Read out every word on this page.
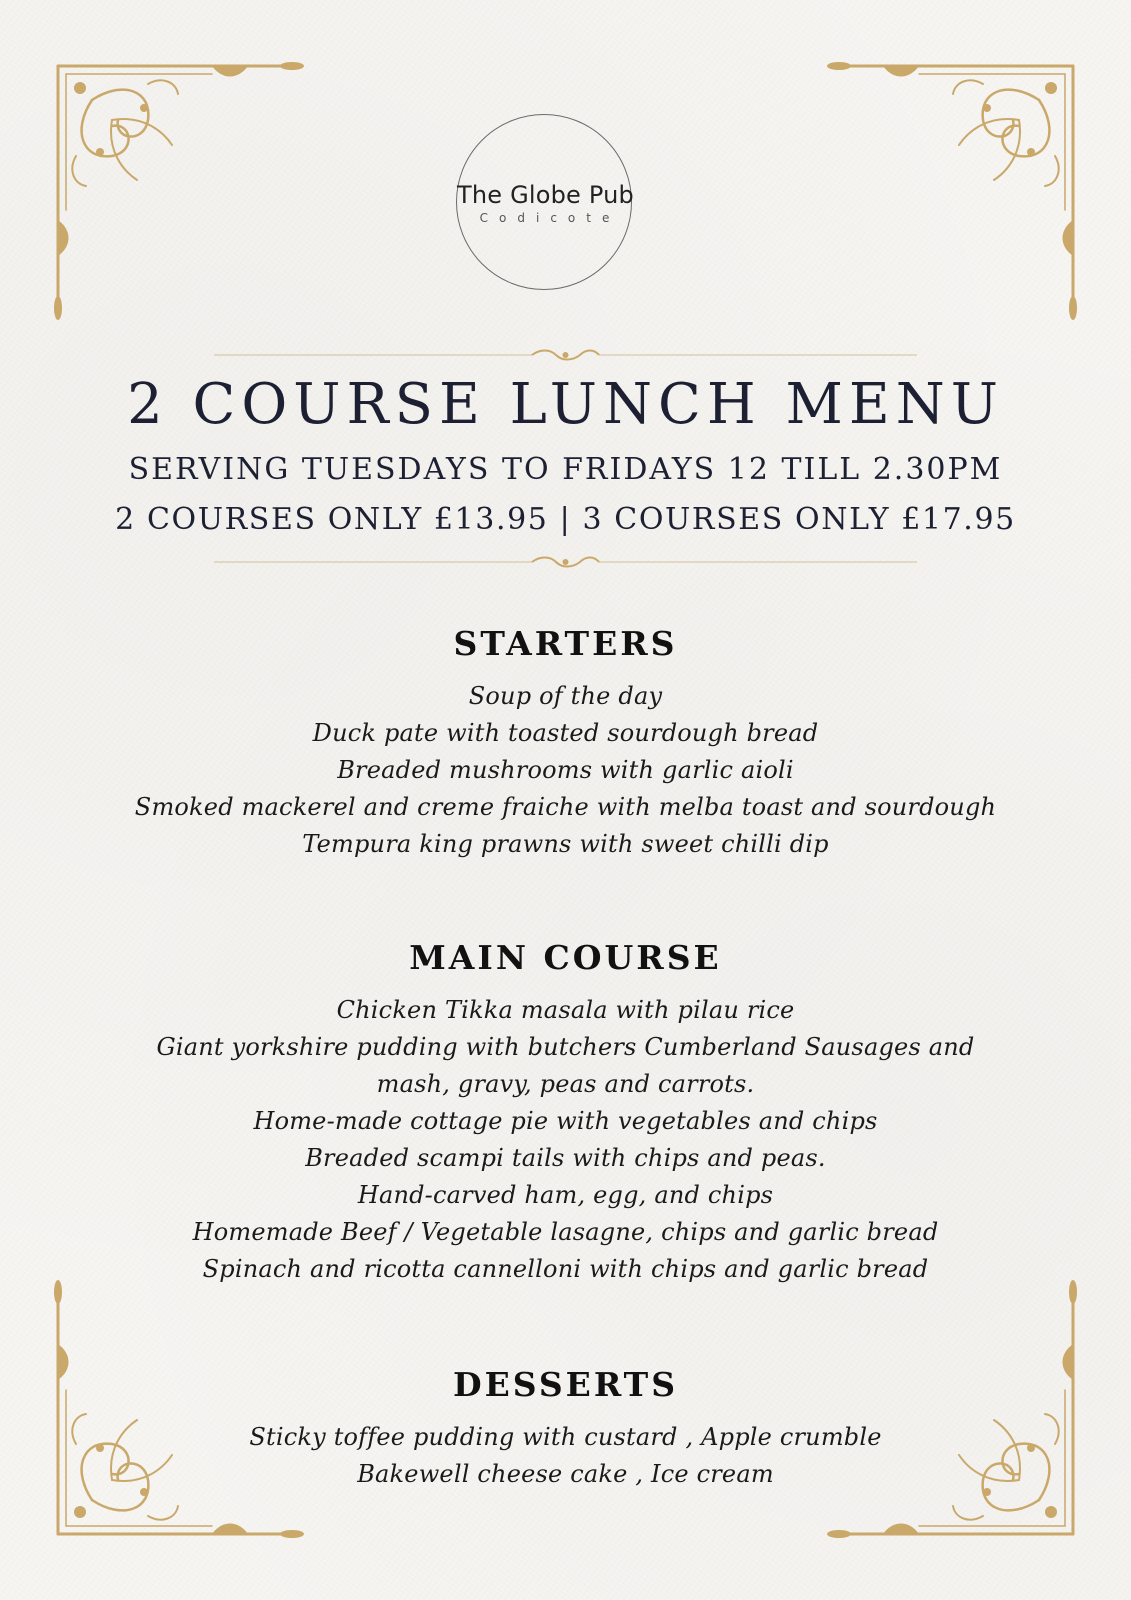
The Globe Pub
Codicote
2 COURSE LUNCH MENU
SERVING TUESDAYS TO FRIDAYS 12 TILL 2.30PM
2 COURSES ONLY £13.95 | 3 COURSES ONLY £17.95
STARTERS
Soup of the day
Duck pate with toasted sourdough bread
Breaded mushrooms with garlic aioli
Smoked mackerel and creme fraiche with melba toast and sourdough
Tempura king prawns with sweet chilli dip
MAIN COURSE
Chicken Tikka masala with pilau rice
Giant yorkshire pudding with butchers Cumberland Sausages and mash, gravy, peas and carrots.
Home-made cottage pie with vegetables and chips
Breaded scampi tails with chips and peas.
Hand-carved ham, egg, and chips
Homemade Beef / Vegetable lasagne, chips and garlic bread
Spinach and ricotta cannelloni with chips and garlic bread
DESSERTS
Sticky toffee pudding with custard , Apple crumble
Bakewell cheese cake , Ice cream
